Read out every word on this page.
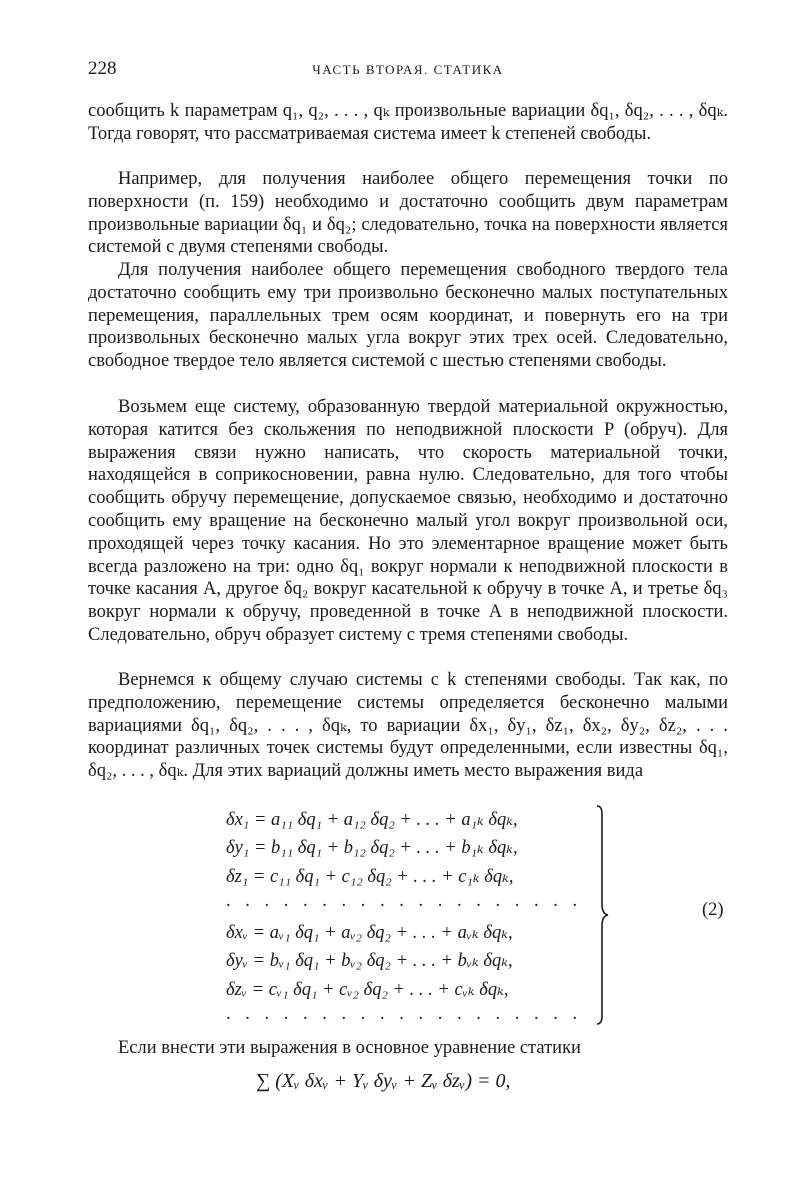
228	ЧАСТЬ ВТОРАЯ. СТАТИКА

сообщить k параметрам q₁, q₂, . . . , qₖ произвольные вариации δq₁, δq₂, . . . , δqₖ. Тогда говорят, что рассматриваемая система имеет k степеней свободы.

Например, для получения наиболее общего перемещения точки по поверхности (п. 159) необходимо и достаточно сообщить двум параметрам произвольные вариации δq₁ и δq₂; следовательно, точка на поверхности является системой с двумя степенями свободы.

Для получения наиболее общего перемещения свободного твердого тела достаточно сообщить ему три произвольно бесконечно малых поступательных перемещения, параллельных трем осям координат, и повернуть его на три произвольных бесконечно малых угла вокруг этих трех осей. Следовательно, свободное твердое тело является системой с шестью степенями свободы.

Возьмем еще систему, образованную твердой материальной окружностью, которая катится без скольжения по неподвижной плоскости P (обруч). Для выражения связи нужно написать, что скорость материальной точки, находящейся в соприкосновении, равна нулю. Следовательно, для того чтобы сообщить обручу перемещение, допускаемое связью, необходимо и достаточно сообщить ему вращение на бесконечно малый угол вокруг произвольной оси, проходящей через точку касания. Но это элементарное вращение может быть всегда разложено на три: одно δq₁ вокруг нормали к неподвижной плоскости в точке касания A, другое δq₂ вокруг касательной к обручу в точке A, и третье δq₃ вокруг нормали к обручу, проведенной в точке A в неподвижной плоскости. Следовательно, обруч образует систему с тремя степенями свободы.

Вернемся к общему случаю системы с k степенями свободы. Так как, по предположению, перемещение системы определяется бесконечно малыми вариациями δq₁, δq₂, . . . , δqₖ, то вариации δx₁, δy₁, δz₁, δx₂, δy₂, δz₂, . . . координат различных точек системы будут определенными, если известны δq₁, δq₂, . . . , δqₖ. Для этих вариаций должны иметь место выражения вида

δx₁ = a₁₁ δq₁ + a₁₂ δq₂ + . . . + a₁ₖ δqₖ,
δy₁ = b₁₁ δq₁ + b₁₂ δq₂ + . . . + b₁ₖ δqₖ,
δz₁ = c₁₁ δq₁ + c₁₂ δq₂ + . . . + c₁ₖ δqₖ,
. . . . . . . . . . . . . . . . . . .
δxᵥ = aᵥ₁ δq₁ + aᵥ₂ δq₂ + . . . + aᵥₖ δqₖ,
δyᵥ = bᵥ₁ δq₁ + bᵥ₂ δq₂ + . . . + bᵥₖ δqₖ,
δzᵥ = cᵥ₁ δq₁ + cᵥ₂ δq₂ + . . . + cᵥₖ δqₖ,
. . . . . . . . . . . . . . . . . . .
(2)
Если внести эти выражения в основное уравнение статики
∑ (Xᵥ δxᵥ + Yᵥ δyᵥ + Zᵥ δzᵥ) = 0,
